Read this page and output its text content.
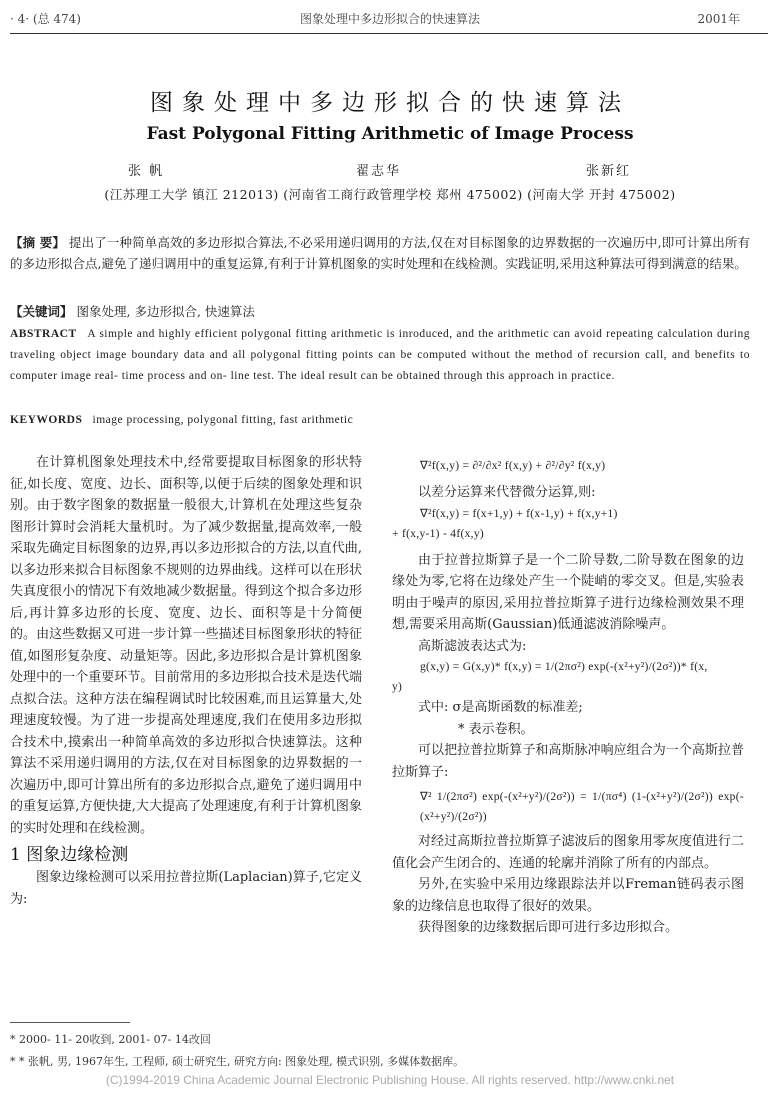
· 4· (总 474)	图象处理中多边形拟合的快速算法	2001年
图象处理中多边形拟合的快速算法
Fast Polygonal Fitting Arithmetic of Image Process
张 帆	翟志华	张新红
(江苏理工大学 镇江 212013) (河南省工商行政管理学校 郑州 475002) (河南大学 开封 475002)
【摘 要】 提出了一种简单高效的多边形拟合算法,不必采用递归调用的方法,仅在对目标图象的边界数据的一次遍历中,即可计算出所有的多边形拟合点,避免了递归调用中的重复运算,有利于计算机图象的实时处理和在线检测。实践证明,采用这种算法可得到满意的结果。
【关键词】 图象处理, 多边形拟合, 快速算法
ABSTRACT A simple and highly efficient polygonal fitting arithmetic is inroduced, and the arithmetic can avoid repeating calculation during traveling object image boundary data and all polygonal fitting points can be computed without the method of recursion call, and benefits to computer image real- time process and on- line test. The ideal result can be obtained through this approach in practice.
KEYWORDS image processing, polygonal fitting, fast arithmetic

在计算机图象处理技术中,经常要提取目标图象的形状特征,如长度、宽度、边长、面积等,以便于后续的图象处理和识别。由于数字图象的数据量一般很大,计算机在处理这些复杂图形计算时会消耗大量机时。为了减少数据量,提高效率,一般采取先确定目标图象的边界,再以多边形拟合的方法,以直代曲,以多边形来拟合目标图象不规则的边界曲线。这样可以在形状失真度很小的情况下有效地减少数据量。得到这个拟合多边形后,再计算多边形的长度、宽度、边长、面积等是十分简便的。由这些数据又可进一步计算一些描述目标图象形状的特征值,如图形复杂度、动量矩等。因此,多边形拟合是计算机图象处理中的一个重要环节。目前常用的多边形拟合技术是迭代端点拟合法。这种方法在编程调试时比较困难,而且运算量大,处理速度较慢。为了进一步提高处理速度,我们在使用多边形拟合技术中,摸索出一种简单高效的多边形拟合快速算法。这种算法不采用递归调用的方法,仅在对目标图象的边界数据的一次遍历中,即可计算出所有的多边形拟合点,避免了递归调用中的重复运算,方便快捷,大大提高了处理速度,有利于计算机图象的实时处理和在线检测。

1 图象边缘检测

图象边缘检测可以采用拉普拉斯(Laplacian)算子,它定义为:

∇²f(x,y) = ∂²/∂x² f(x,y) + ∂²/∂y² f(x,y)

以差分运算来代替微分运算,则:

∇²f(x,y) = f(x+1,y) + f(x-1,y) + f(x,y+1)
+ f(x,y-1) - 4f(x,y)

由于拉普拉斯算子是一个二阶导数,二阶导数在图象的边缘处为零,它将在边缘处产生一个陡峭的零交叉。但是,实验表明由于噪声的原因,采用拉普拉斯算子进行边缘检测效果不理想,需要采用高斯(Gaussian)低通滤波消除噪声。

高斯滤波表达式为:

g(x,y) = G(x,y)* f(x,y) = 1/(2πσ²) exp(-(x²+y²)/(2σ²))* f(x,
y)

式中: σ是高斯函数的标准差;

* 表示卷积。

可以把拉普拉斯算子和高斯脉冲响应组合为一个高斯拉普拉斯算子:

∇² 1/(2πσ²) exp(-(x²+y²)/(2σ²)) = 1/(πσ⁴) (1-(x²+y²)/(2σ²)) exp(-(x²+y²)/(2σ²))

对经过高斯拉普拉斯算子滤波后的图象用零灰度值进行二值化会产生闭合的、连通的轮廓并消除了所有的内部点。

另外,在实验中采用边缘跟踪法并以Freman链码表示图象的边缘信息也取得了很好的效果。

获得图象的边缘数据后即可进行多边形拟合。

* 2000- 11- 20收到, 2001- 07- 14改回
* * 张帆, 男, 1967年生, 工程师, 硕士研究生, 研究方向: 图象处理, 模式识别, 多媒体数据库。
(C)1994-2019 China Academic Journal Electronic Publishing House. All rights reserved. http://www.cnki.net
